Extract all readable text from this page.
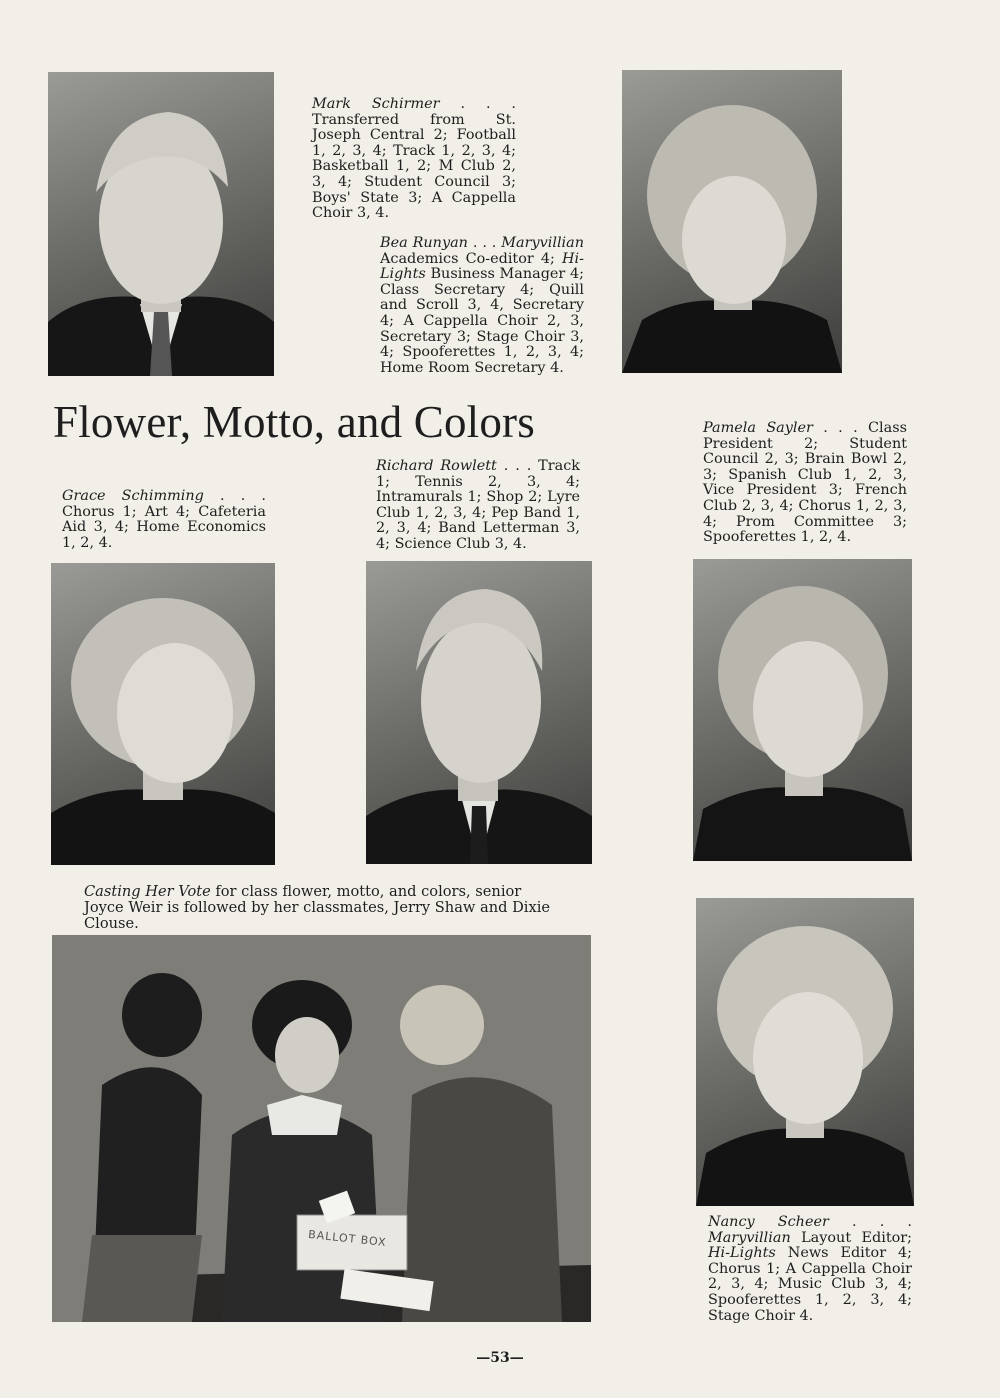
Mark Schirmer . . . Transferred from St. Joseph Central 2; Football 1, 2, 3, 4; Track 1, 2, 3, 4; Basketball 1, 2; M Club 2, 3, 4; Student Council 3; Boys' State 3; A Cappella Choir 3, 4.

Bea Runyan . . . Maryvillian Academics Co-editor 4; Hi-Lights Business Manager 4; Class Secretary 4; Quill and Scroll 3, 4, Secretary 4; A Cappella Choir 2, 3, Secretary 3; Stage Choir 3, 4; Spooferettes 1, 2, 3, 4; Home Room Secretary 4.

Flower, Motto, and Colors

Grace Schimming . . . Chorus 1; Art 4; Cafeteria Aid 3, 4; Home Economics 1, 2, 4.

Richard Rowlett . . . Track 1; Tennis 2, 3, 4; Intramurals 1; Shop 2; Lyre Club 1, 2, 3, 4; Pep Band 1, 2, 3, 4; Band Letterman 3, 4; Science Club 3, 4.

Pamela Sayler . . . Class President 2; Student Council 2, 3; Brain Bowl 2, 3; Spanish Club 1, 2, 3, Vice President 3; French Club 2, 3, 4; Chorus 1, 2, 3, 4; Prom Committee 3; Spooferettes 1, 2, 4.

Casting Her Vote for class flower, motto, and colors, senior Joyce Weir is followed by her classmates, Jerry Shaw and Dixie Clouse.

BALLOT BOX

Nancy Scheer . . . Maryvillian Layout Editor; Hi-Lights News Editor 4; Chorus 1; A Cappella Choir 2, 3, 4; Music Club 3, 4; Spooferettes 1, 2, 3, 4; Stage Choir 4.

—53—
